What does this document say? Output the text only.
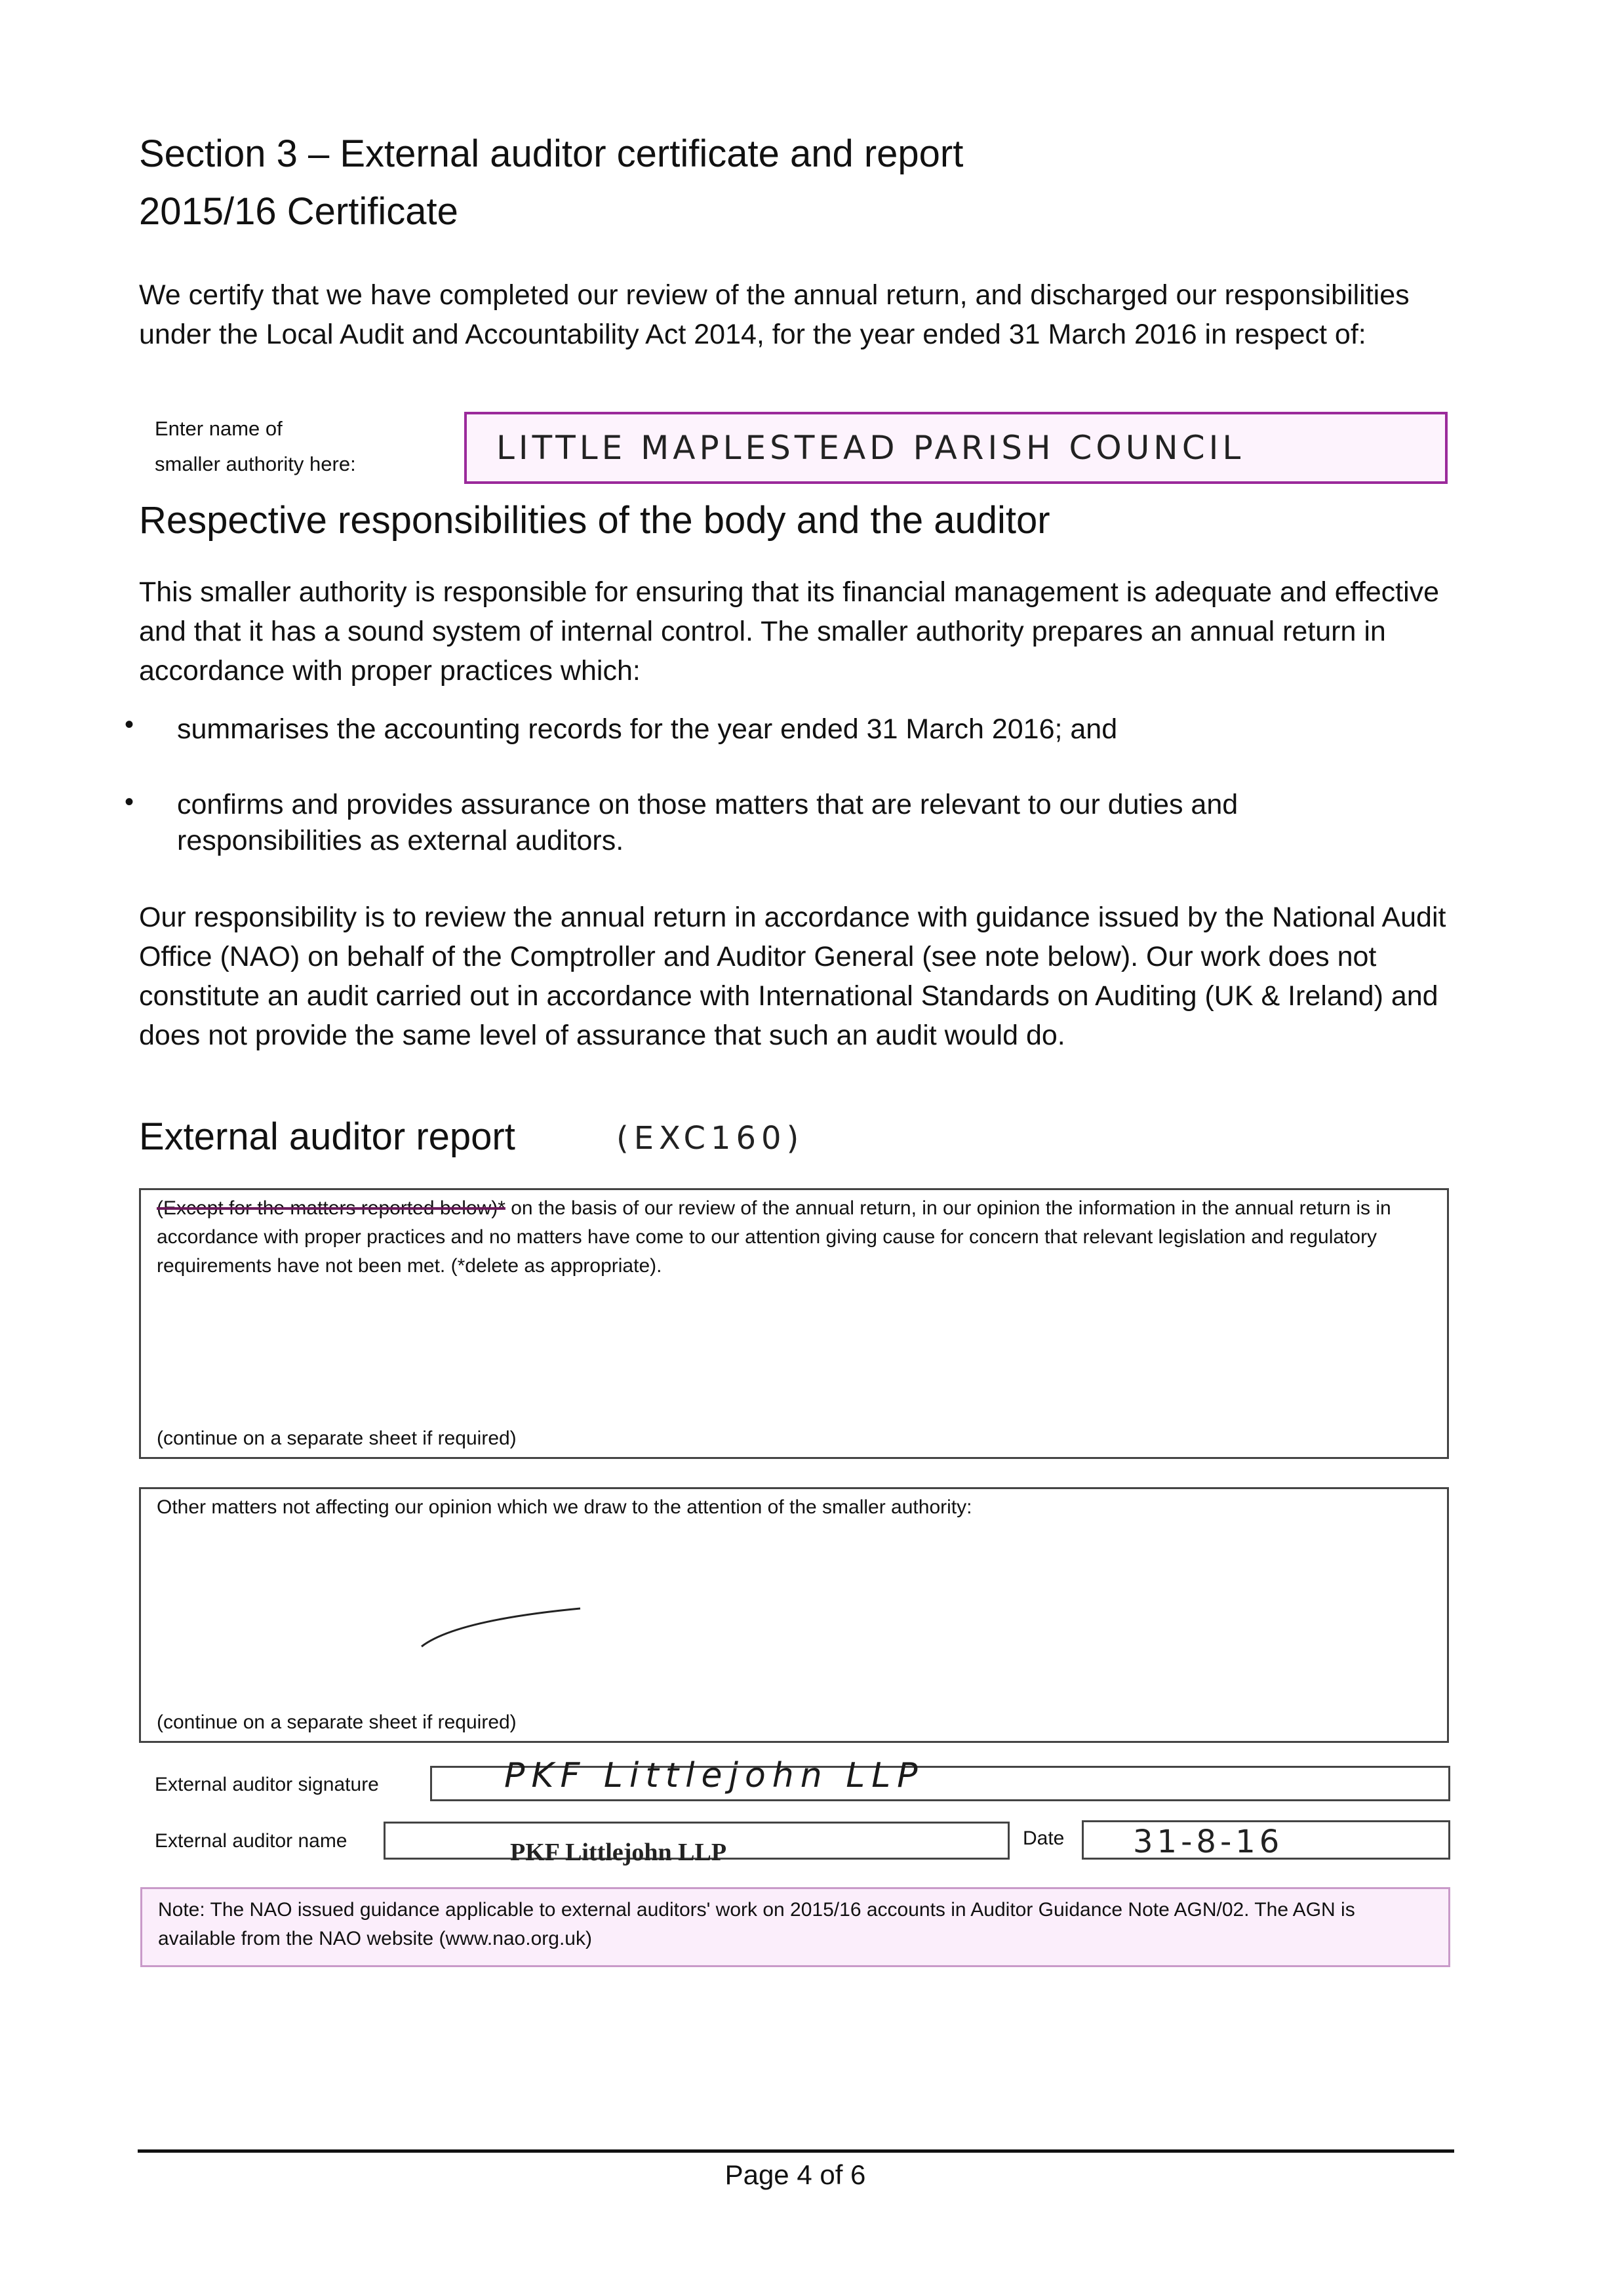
Section 3 – External auditor certificate and report
2015/16 Certificate
We certify that we have completed our review of the annual return, and discharged our responsibilities under the Local Audit and Accountability Act 2014, for the year ended 31 March 2016 in respect of:
Enter name of
smaller authority here:	LITTLE MAPLESTEAD PARISH COUNCIL
Respective responsibilities of the body and the auditor
This smaller authority is responsible for ensuring that its financial management is adequate and effective and that it has a sound system of internal control. The smaller authority prepares an annual return in accordance with proper practices which:
• summarises the accounting records for the year ended 31 March 2016; and
• confirms and provides assurance on those matters that are relevant to our duties and responsibilities as external auditors.
Our responsibility is to review the annual return in accordance with guidance issued by the National Audit Office (NAO) on behalf of the Comptroller and Auditor General (see note below). Our work does not constitute an audit carried out in accordance with International Standards on Auditing (UK & Ireland) and does not provide the same level of assurance that such an audit would do.
External auditor report	(EXC160)
(Except for the matters reported below)* on the basis of our review of the annual return, in our opinion the information in the annual return is in accordance with proper practices and no matters have come to our attention giving cause for concern that relevant legislation and regulatory requirements have not been met. (*delete as appropriate).
(continue on a separate sheet if required)
Other matters not affecting our opinion which we draw to the attention of the smaller authority:
(continue on a separate sheet if required)
External auditor signature	PKF Littlejohn LLP
External auditor name	PKF Littlejohn LLP
Date 31-8-16
Note: The NAO issued guidance applicable to external auditors' work on 2015/16 accounts in Auditor Guidance Note AGN/02. The AGN is available from the NAO website (www.nao.org.uk)
Page 4 of 6
